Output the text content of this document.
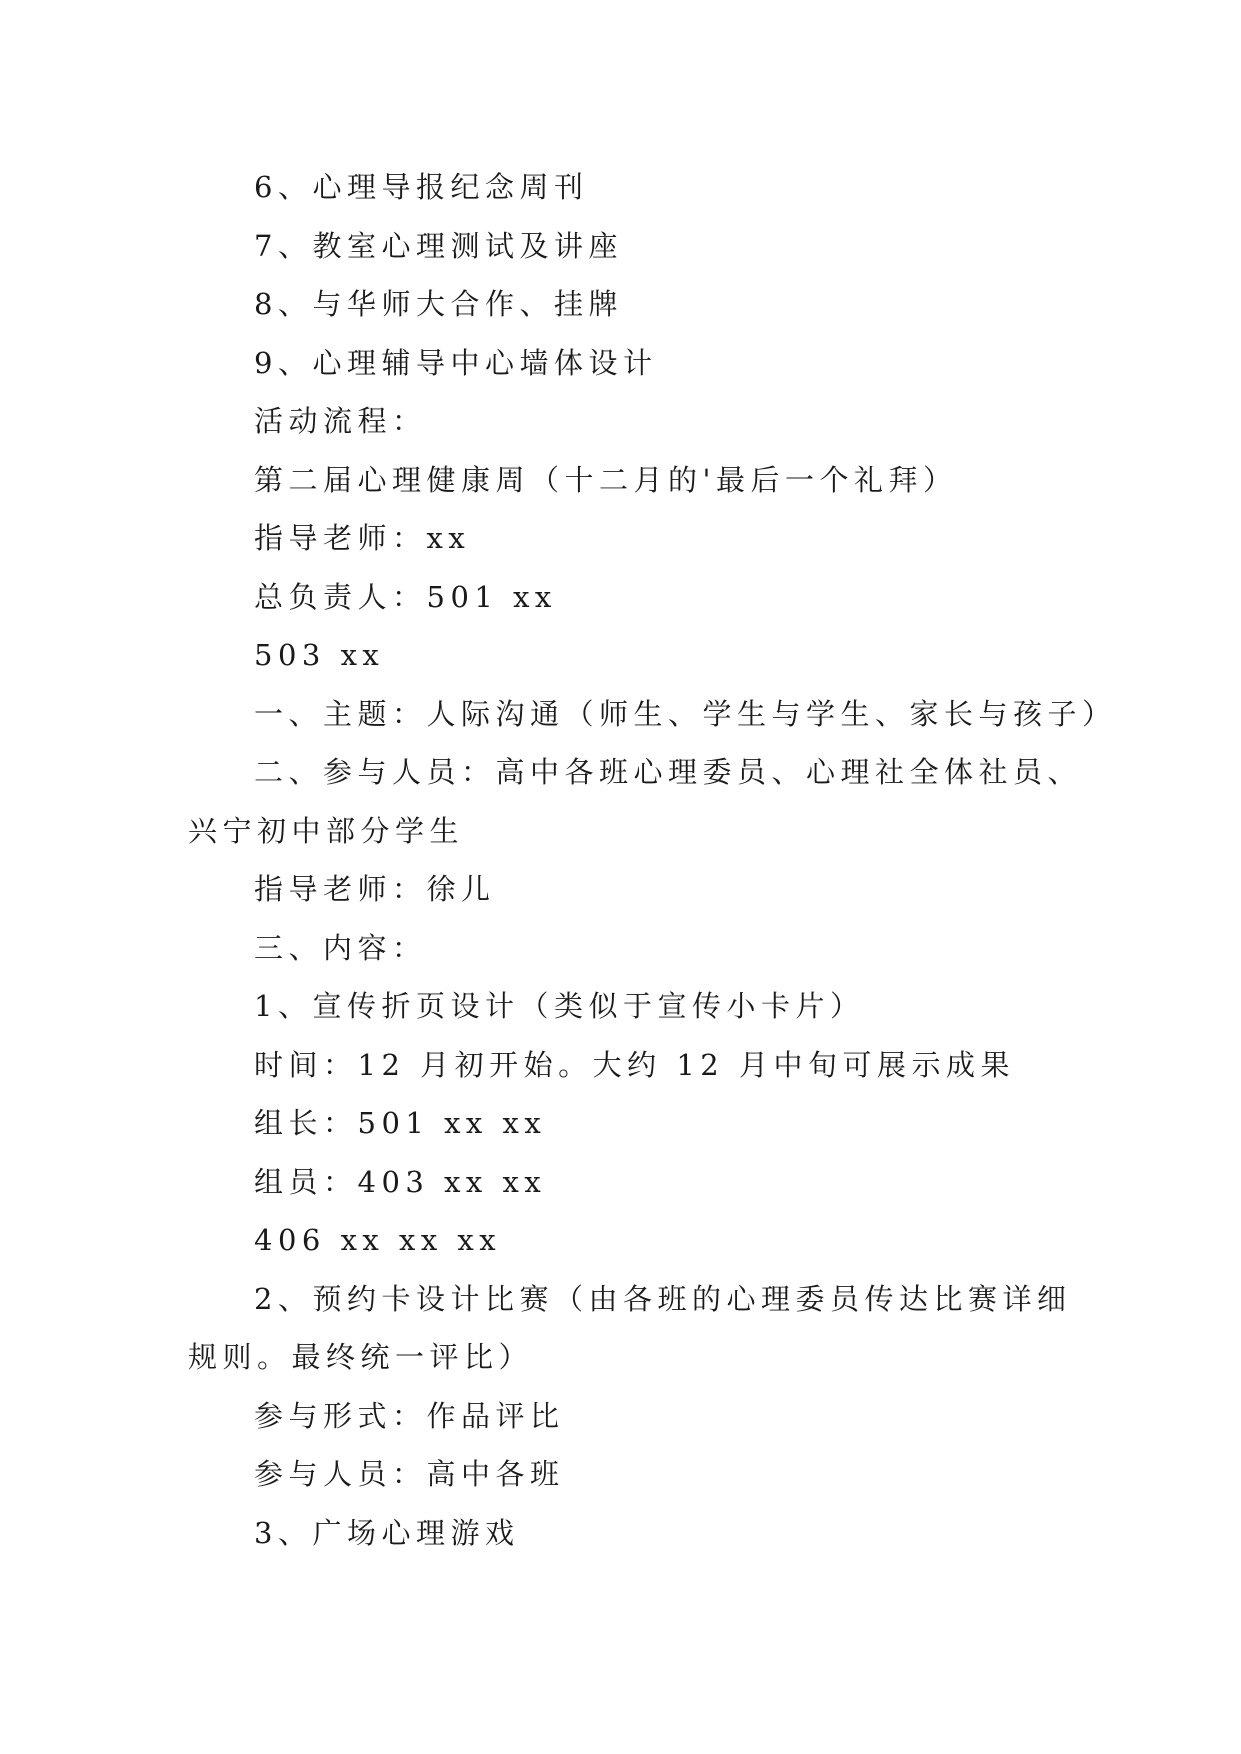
6、心理导报纪念周刊
7、教室心理测试及讲座
8、与华师大合作、挂牌
9、心理辅导中心墙体设计
活动流程：
第二届心理健康周（十二月的'最后一个礼拜）
指导老师：xx
总负责人：501 xx
503 xx
一、主题：人际沟通（师生、学生与学生、家长与孩子）
二、参与人员：高中各班心理委员、心理社全体社员、
兴宁初中部分学生
指导老师：徐儿
三、内容：
1、宣传折页设计（类似于宣传小卡片）
时间：12 月初开始。大约 12 月中旬可展示成果
组长：501 xx xx
组员：403 xx xx
406 xx xx xx
2、预约卡设计比赛（由各班的心理委员传达比赛详细
规则。最终统一评比）
参与形式：作品评比
参与人员：高中各班
3、广场心理游戏
